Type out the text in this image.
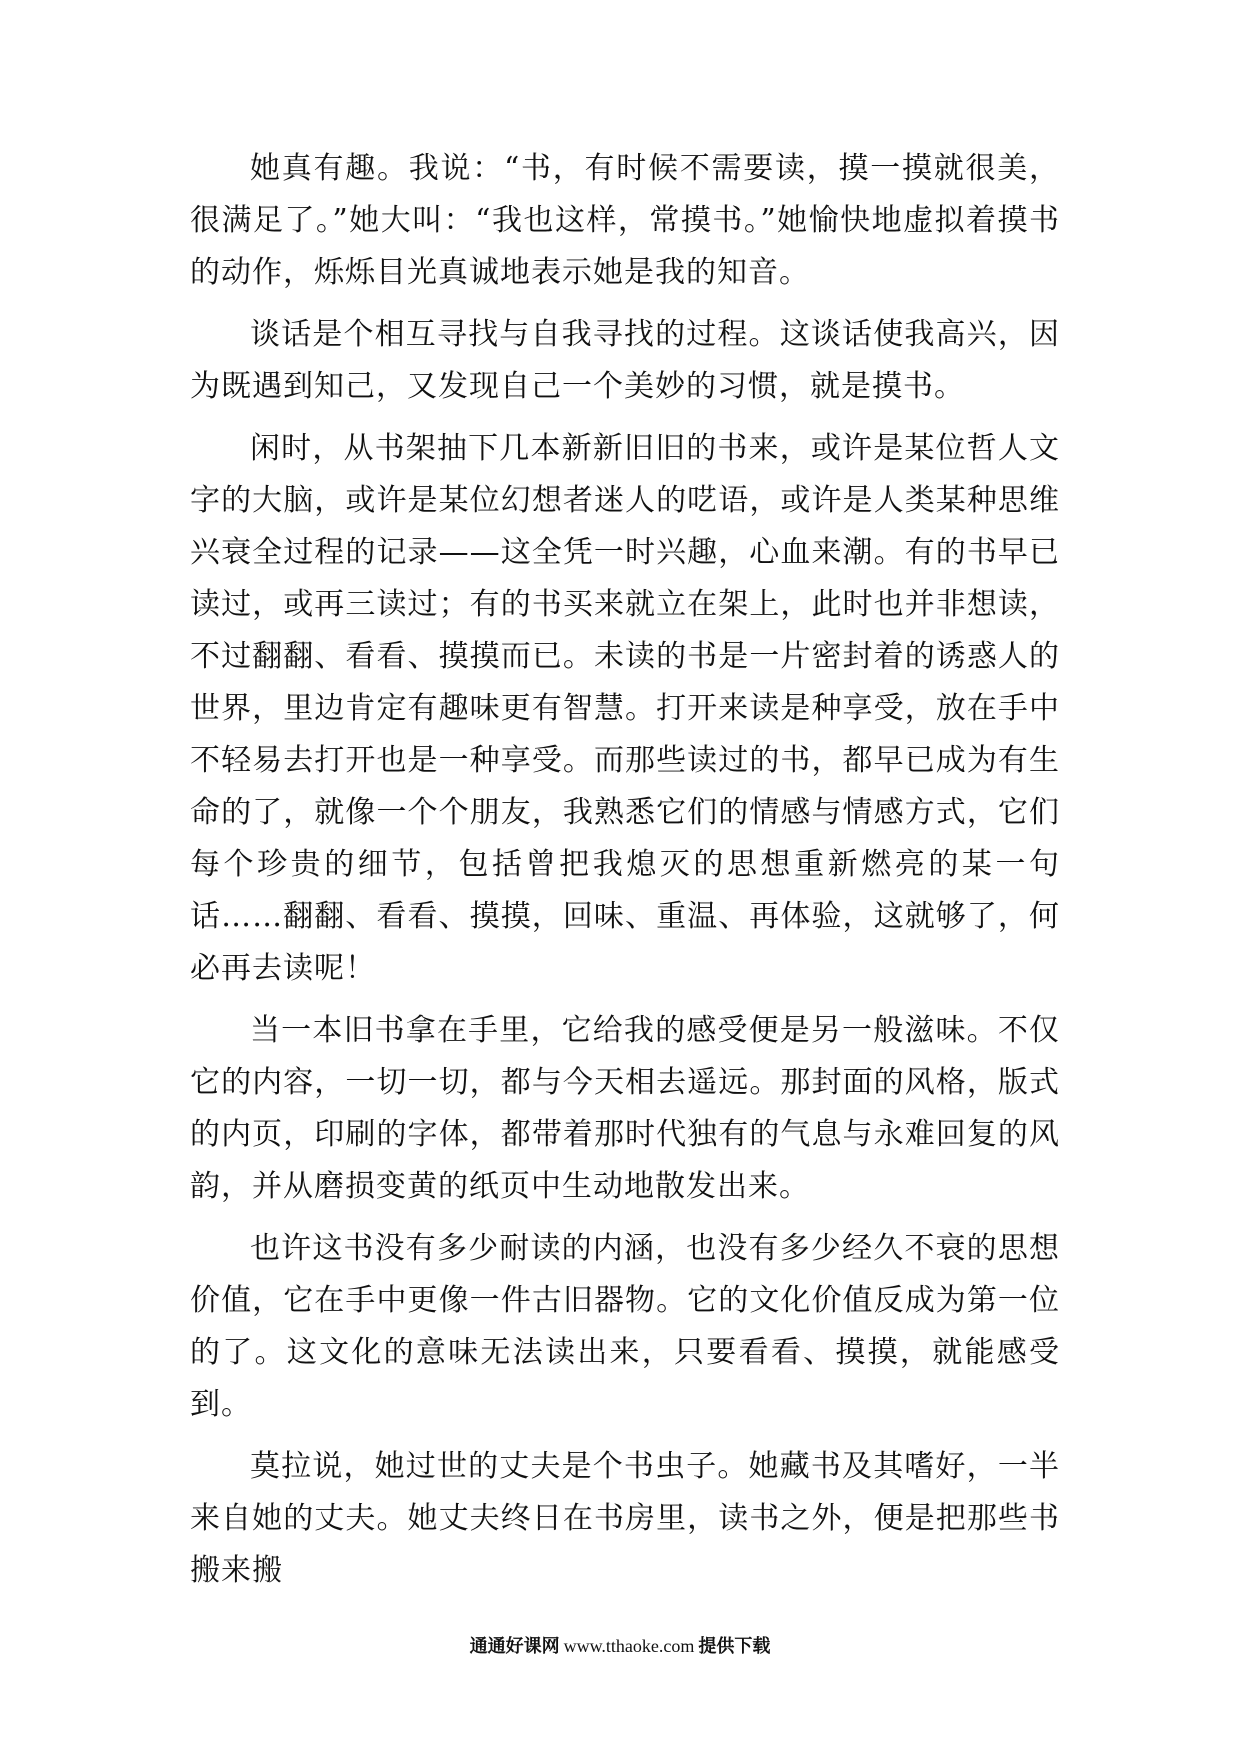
她真有趣。我说：“书，有时候不需要读，摸一摸就很美，很满足了。”她大叫：“我也这样，常摸书。”她愉快地虚拟着摸书的动作，烁烁目光真诚地表示她是我的知音。

谈话是个相互寻找与自我寻找的过程。这谈话使我高兴，因为既遇到知己，又发现自己一个美妙的习惯，就是摸书。

闲时，从书架抽下几本新新旧旧的书来，或许是某位哲人文字的大脑，或许是某位幻想者迷人的呓语，或许是人类某种思维兴衰全过程的记录——这全凭一时兴趣，心血来潮。有的书早已读过，或再三读过；有的书买来就立在架上，此时也并非想读，不过翻翻、看看、摸摸而已。未读的书是一片密封着的诱惑人的世界，里边肯定有趣味更有智慧。打开来读是种享受，放在手中不轻易去打开也是一种享受。而那些读过的书，都早已成为有生命的了，就像一个个朋友，我熟悉它们的情感与情感方式，它们每个珍贵的细节，包括曾把我熄灭的思想重新燃亮的某一句话……翻翻、看看、摸摸，回味、重温、再体验，这就够了，何必再去读呢！

当一本旧书拿在手里，它给我的感受便是另一般滋味。不仅它的内容，一切一切，都与今天相去遥远。那封面的风格，版式的内页，印刷的字体，都带着那时代独有的气息与永难回复的风韵，并从磨损变黄的纸页中生动地散发出来。

也许这书没有多少耐读的内涵，也没有多少经久不衰的思想价值，它在手中更像一件古旧器物。它的文化价值反成为第一位的了。这文化的意味无法读出来，只要看看、摸摸，就能感受到。

莫拉说，她过世的丈夫是个书虫子。她藏书及其嗜好，一半来自她的丈夫。她丈夫终日在书房里，读书之外，便是把那些书搬来搬

通通好课网 www.tthaoke.com 提供下载
